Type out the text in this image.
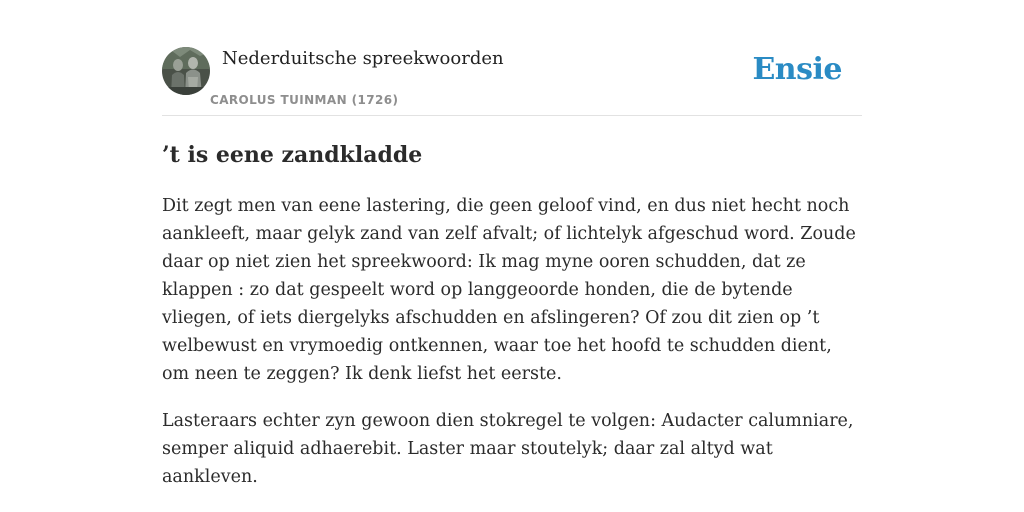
Nederduitsche spreekwoorden
CAROLUS TUINMAN (1726)
Ensie
’t is eene zandkladde

Dit zegt men van eene lastering, die geen geloof vind, en dus niet hecht noch aankleeft, maar gelyk zand van zelf afvalt; of lichtelyk afgeschud word. Zoude daar op niet zien het spreekwoord: Ik mag myne ooren schudden, dat ze klappen : zo dat gespeelt word op langgeoorde honden, die de bytende vliegen, of iets diergelyks afschudden en afslingeren? Of zou dit zien op ’t welbewust en vrymoedig ontkennen, waar toe het hoofd te schudden dient, om neen te zeggen? Ik denk liefst het eerste.

Lasteraars echter zyn gewoon dien stokregel te volgen: Audacter calumniare, semper aliquid adhaerebit. Laster maar stoutelyk; daar zal altyd wat aankleven.
